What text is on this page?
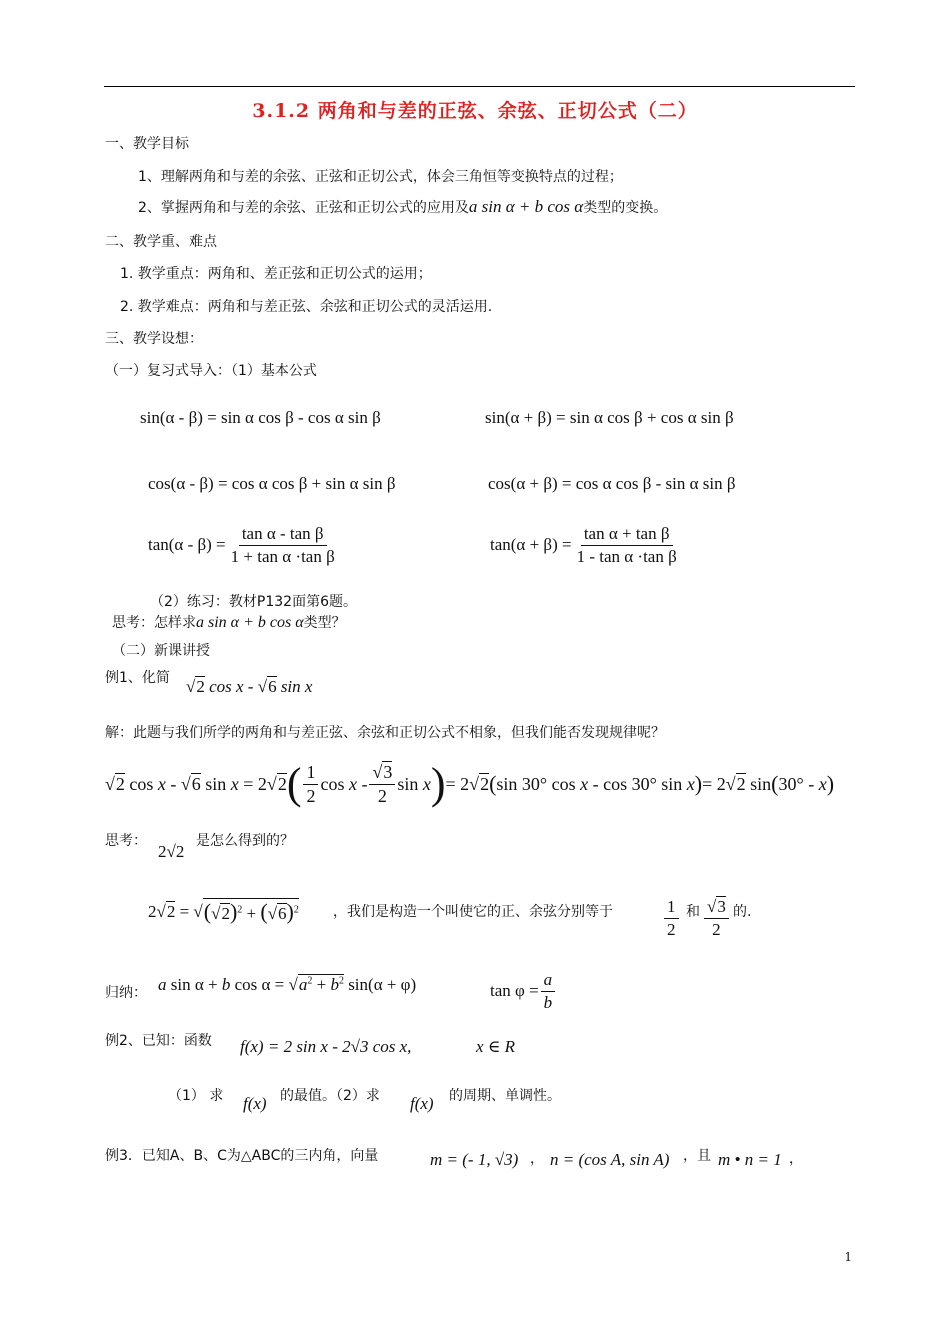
3.1.2 两角和与差的正弦、余弦、正切公式（二）
一、教学目标
1、理解两角和与差的余弦、正弦和正切公式，体会三角恒等变换特点的过程；
2、掌握两角和与差的余弦、正弦和正切公式的应用及a sin α + b cos α类型的变换。
二、教学重、难点
1. 教学重点：两角和、差正弦和正切公式的运用；
2. 教学难点：两角和与差正弦、余弦和正切公式的灵活运用.
三、教学设想：
（一）复习式导入：（1）基本公式
sin(α - β) = sin α cos β - cos α sin β	sin(α + β) = sin α cos β + cos α sin β
cos(α - β) = cos α cos β + sin α sin β	cos(α + β) = cos α cos β - sin α sin β
$\tan(\alpha - \beta) = \frac{\text{tan α - tan β}}{\text{1 + tan α ·tan β}}$	$\tan(\alpha + \beta) = \frac{\text{tan α + tan β}}{\text{1 - tan α ·tan β}}$
（2）练习：教材P132面第6题。
思考：怎样求a sin α + b cos α类型？
（二）新课讲授
例1、化简 √2 cos x - √6 sin x
解：此题与我们所学的两角和与差正弦、余弦和正切公式不相象，但我们能否发现规律呢？
√ 2 cos x - √ 6 sin x = 2√ 2 ( $\frac{1}{2}$ cos x - $\frac{√3}{2}$ sin x ) = 2√ 2 ( sin 30° cos x - cos 30° sin x ) = 2√ 2 sin ( 30° - x )
思考：
2√2
是怎么得到的？
2√ 2 = √ $(√2)^2 + (√6)^2$ ，我们是构造一个叫使它的正、余弦分别等于	$\frac{1}{2}$ 和 $\frac{√3}{2}$ 的.
归纳： a sin α + b $\cos \alpha = √a^2 + b^2$ sin(α + φ)	$\tan \varphi = \frac{a}{b}$
例2、已知：函数 f(x) = 2 sin x - 2√3 cos x,	x ∈ R
（1） 求 f(x) 的最值。（2）求 f(x) 的周期、单调性。
例3．已知A、B、C为△ABC的三内角，向量	m = (- 1, √3) ， n = (cos A, sin A) ，且 m • n = 1 ，
1
